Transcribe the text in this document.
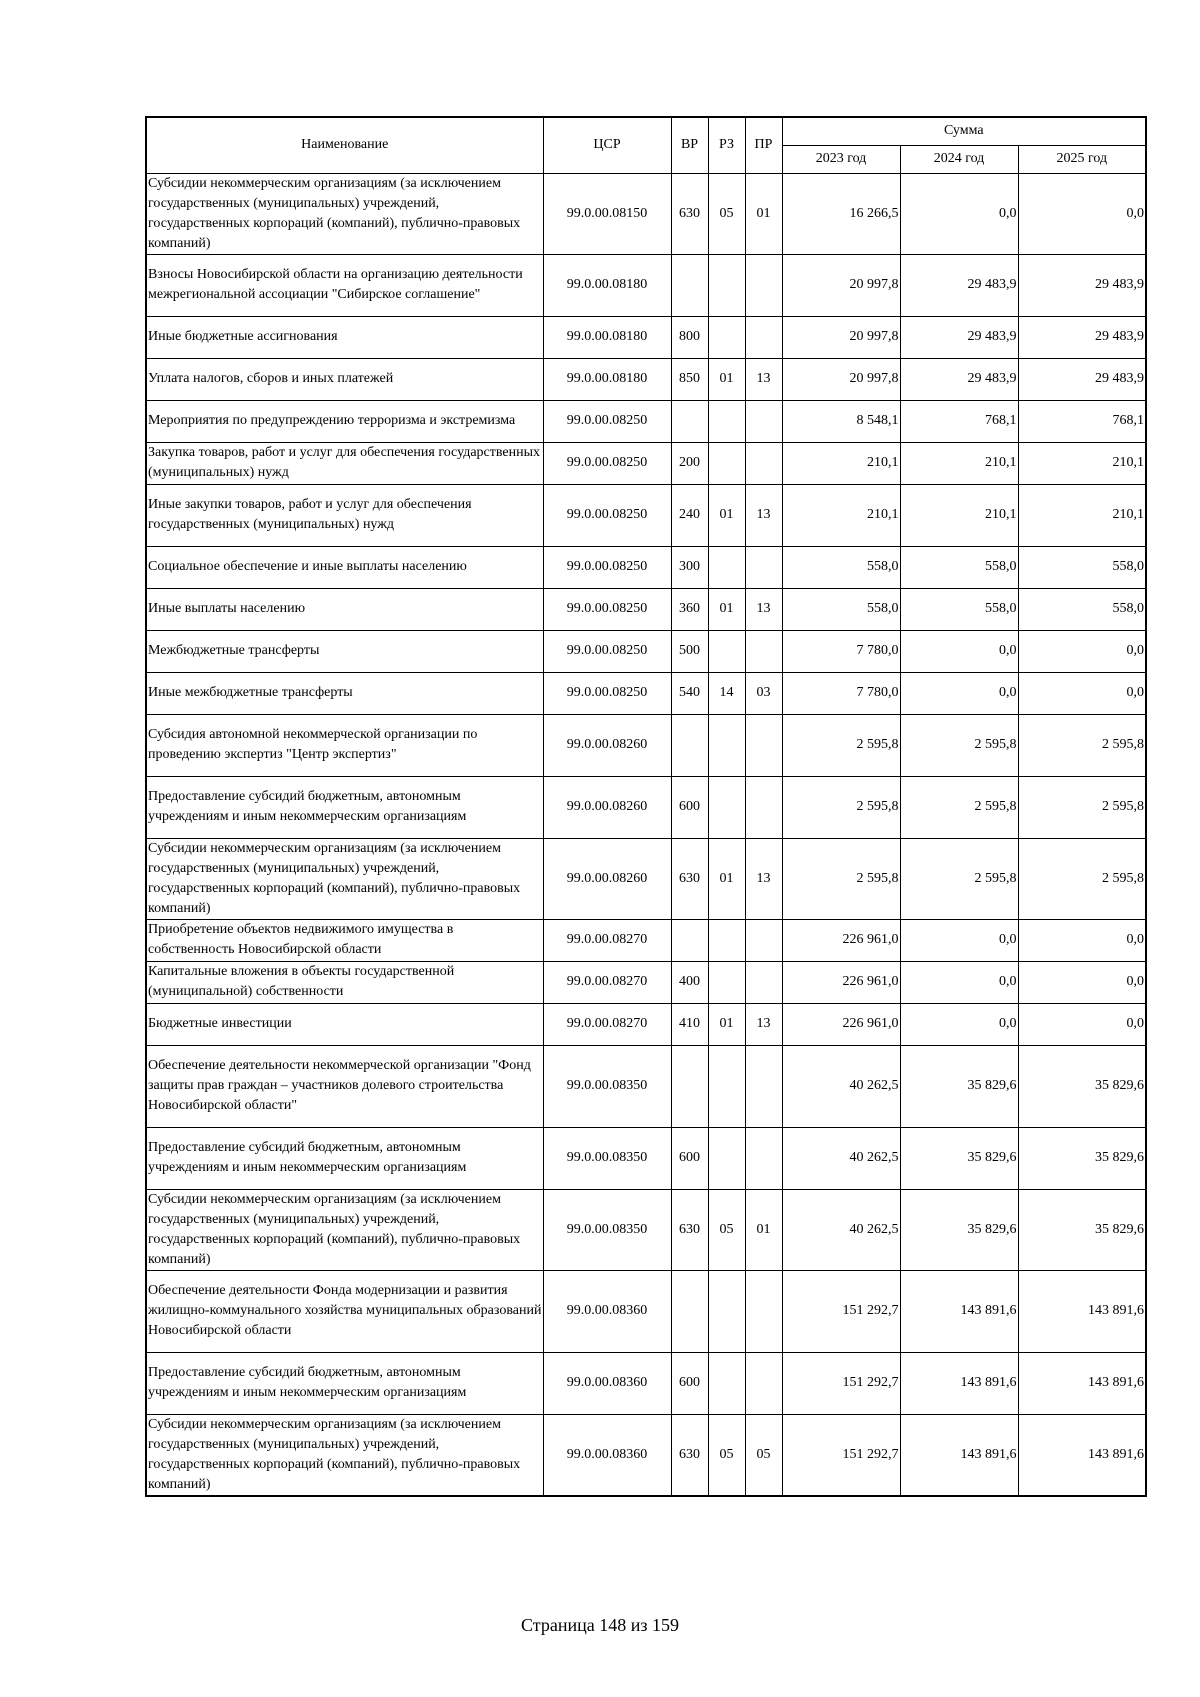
Наименование	ЦСР	ВР	РЗ	ПР	Сумма		
					2023 год	2024 год	2025 год
Субсидии некоммерческим организациям (за исключением государственных (муниципальных) учреждений, государственных корпораций (компаний), публично-правовых компаний)	99.0.00.08150	630	05	01	16 266,5	0,0	0,0
Взносы Новосибирской области на организацию деятельности межрегиональной ассоциации "Сибирское соглашение"	99.0.00.08180				20 997,8	29 483,9	29 483,9
Иные бюджетные ассигнования	99.0.00.08180	800			20 997,8	29 483,9	29 483,9
Уплата налогов, сборов и иных платежей	99.0.00.08180	850	01	13	20 997,8	29 483,9	29 483,9
Мероприятия по предупреждению терроризма и экстремизма	99.0.00.08250				8 548,1	768,1	768,1
Закупка товаров, работ и услуг для обеспечения государственных (муниципальных) нужд	99.0.00.08250	200			210,1	210,1	210,1
Иные закупки товаров, работ и услуг для обеспечения государственных (муниципальных) нужд	99.0.00.08250	240	01	13	210,1	210,1	210,1
Социальное обеспечение и иные выплаты населению	99.0.00.08250	300			558,0	558,0	558,0
Иные выплаты населению	99.0.00.08250	360	01	13	558,0	558,0	558,0
Межбюджетные трансферты	99.0.00.08250	500			7 780,0	0,0	0,0
Иные межбюджетные трансферты	99.0.00.08250	540	14	03	7 780,0	0,0	0,0
Субсидия автономной некоммерческой организации по проведению экспертиз "Центр экспертиз"	99.0.00.08260				2 595,8	2 595,8	2 595,8
Предоставление субсидий бюджетным, автономным учреждениям и иным некоммерческим организациям	99.0.00.08260	600			2 595,8	2 595,8	2 595,8
Субсидии некоммерческим организациям (за исключением государственных (муниципальных) учреждений, государственных корпораций (компаний), публично-правовых компаний)	99.0.00.08260	630	01	13	2 595,8	2 595,8	2 595,8
Приобретение объектов недвижимого имущества в собственность Новосибирской области	99.0.00.08270				226 961,0	0,0	0,0
Капитальные вложения в объекты государственной (муниципальной) собственности	99.0.00.08270	400			226 961,0	0,0	0,0
Бюджетные инвестиции	99.0.00.08270	410	01	13	226 961,0	0,0	0,0
Обеспечение деятельности некоммерческой организации "Фонд защиты прав граждан – участников долевого строительства Новосибирской области"	99.0.00.08350				40 262,5	35 829,6	35 829,6
Предоставление субсидий бюджетным, автономным учреждениям и иным некоммерческим организациям	99.0.00.08350	600			40 262,5	35 829,6	35 829,6
Субсидии некоммерческим организациям (за исключением государственных (муниципальных) учреждений, государственных корпораций (компаний), публично-правовых компаний)	99.0.00.08350	630	05	01	40 262,5	35 829,6	35 829,6
Обеспечение деятельности Фонда модернизации и развития жилищно-коммунального хозяйства муниципальных образований Новосибирской области	99.0.00.08360				151 292,7	143 891,6	143 891,6
Предоставление субсидий бюджетным, автономным учреждениям и иным некоммерческим организациям	99.0.00.08360	600			151 292,7	143 891,6	143 891,6
Субсидии некоммерческим организациям (за исключением государственных (муниципальных) учреждений, государственных корпораций (компаний), публично-правовых компаний)	99.0.00.08360	630	05	05	151 292,7	143 891,6	143 891,6
Страница 148 из 159
